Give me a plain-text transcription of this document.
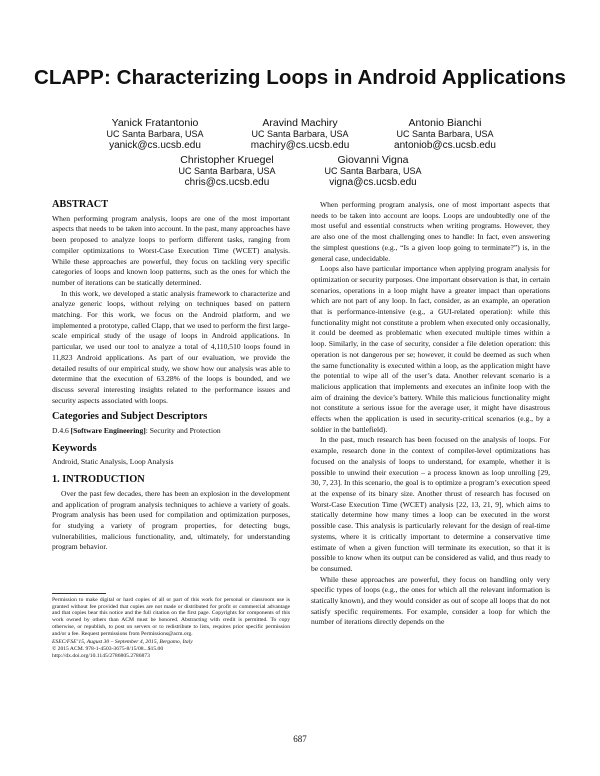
CLAPP: Characterizing Loops in Android Applications
Yanick Fratantonio
UC Santa Barbara, USA
yanick@cs.ucsb.edu
Aravind Machiry
UC Santa Barbara, USA
machiry@cs.ucsb.edu
Antonio Bianchi
UC Santa Barbara, USA
antoniob@cs.ucsb.edu
Christopher Kruegel
UC Santa Barbara, USA
chris@cs.ucsb.edu
Giovanni Vigna
UC Santa Barbara, USA
vigna@cs.ucsb.edu
ABSTRACT

When performing program analysis, loops are one of the most important aspects that needs to be taken into account. In the past, many approaches have been proposed to analyze loops to perform different tasks, ranging from compiler optimizations to Worst-Case Execution Time (WCET) analysis. While these approaches are powerful, they focus on tackling very specific categories of loops and known loop patterns, such as the ones for which the number of iterations can be statically determined.

In this work, we developed a static analysis framework to characterize and analyze generic loops, without relying on techniques based on pattern matching. For this work, we focus on the Android platform, and we implemented a prototype, called Clapp, that we used to perform the first large-scale empirical study of the usage of loops in Android applications. In particular, we used our tool to analyze a total of 4,110,510 loops found in 11,823 Android applications. As part of our evaluation, we provide the detailed results of our empirical study, we show how our analysis was able to determine that the execution of 63.28% of the loops is bounded, and we discuss several interesting insights related to the performance issues and security aspects associated with loops.

Categories and Subject Descriptors

D.4.6 [Software Engineering]: Security and Protection

Keywords

Android, Static Analysis, Loop Analysis

1. INTRODUCTION

Over the past few decades, there has been an explosion in the development and application of program analysis techniques to achieve a variety of goals. Program analysis has been used for compilation and optimization purposes, for studying a variety of program properties, for detecting bugs, vulnerabilities, malicious functionality, and, ultimately, for understanding program behavior.

Permission to make digital or hard copies of all or part of this work for personal or classroom use is granted without fee provided that copies are not made or distributed for profit or commercial advantage and that copies bear this notice and the full citation on the first page. Copyrights for components of this work owned by others than ACM must be honored. Abstracting with credit is permitted. To copy otherwise, or republish, to post on servers or to redistribute to lists, requires prior specific permission and/or a fee. Request permissions from Permissions@acm.org.
ESEC/FSE’15, August 30 – September 4, 2015, Bergamo, Italy
© 2015 ACM. 978-1-4503-3675-8/15/08...$15.00
http://dx.doi.org/10.1145/2786805.2786873

When performing program analysis, one of most important aspects that needs to be taken into account are loops. Loops are undoubtedly one of the most useful and essential constructs when writing programs. However, they are also one of the most challenging ones to handle: In fact, even answering the simplest questions (e.g., “Is a given loop going to terminate?”) is, in the general case, undecidable.

Loops also have particular importance when applying program analysis for optimization or security purposes. One important observation is that, in certain scenarios, operations in a loop might have a greater impact than operations which are not part of any loop. In fact, consider, as an example, an operation that is performance-intensive (e.g., a GUI-related operation): while this functionality might not constitute a problem when executed only occasionally, it could be deemed as problematic when executed multiple times within a loop. Similarly, in the case of security, consider a file deletion operation: this operation is not dangerous per se; however, it could be deemed as such when the same functionality is executed within a loop, as the application might have the potential to wipe all of the user’s data. Another relevant scenario is a malicious application that implements and executes an infinite loop with the aim of draining the device’s battery. While this malicious functionality might not constitute a serious issue for the average user, it might have disastrous effects when the application is used in security-critical scenarios (e.g., by a soldier in the battlefield).

In the past, much research has been focused on the analysis of loops. For example, research done in the context of compiler-level optimizations has focused on the analysis of loops to understand, for example, whether it is possible to unwind their execution – a process known as loop unrolling [29, 30, 7, 23]. In this scenario, the goal is to optimize a program’s execution speed at the expense of its binary size. Another thrust of research has focused on Worst-Case Execution Time (WCET) analysis [22, 13, 21, 9], which aims to statically determine how many times a loop can be executed in the worst possible case. This analysis is particularly relevant for the design of real-time systems, where it is critically important to determine a conservative time estimate of when a given function will terminate its execution, so that it is possible to know when its output can be considered as valid, and thus ready to be consumed.

While these approaches are powerful, they focus on handling only very specific types of loops (e.g., the ones for which all the relevant information is statically known), and they would consider as out of scope all loops that do not satisfy specific requirements. For example, consider a loop for which the number of iterations directly depends on the

687
